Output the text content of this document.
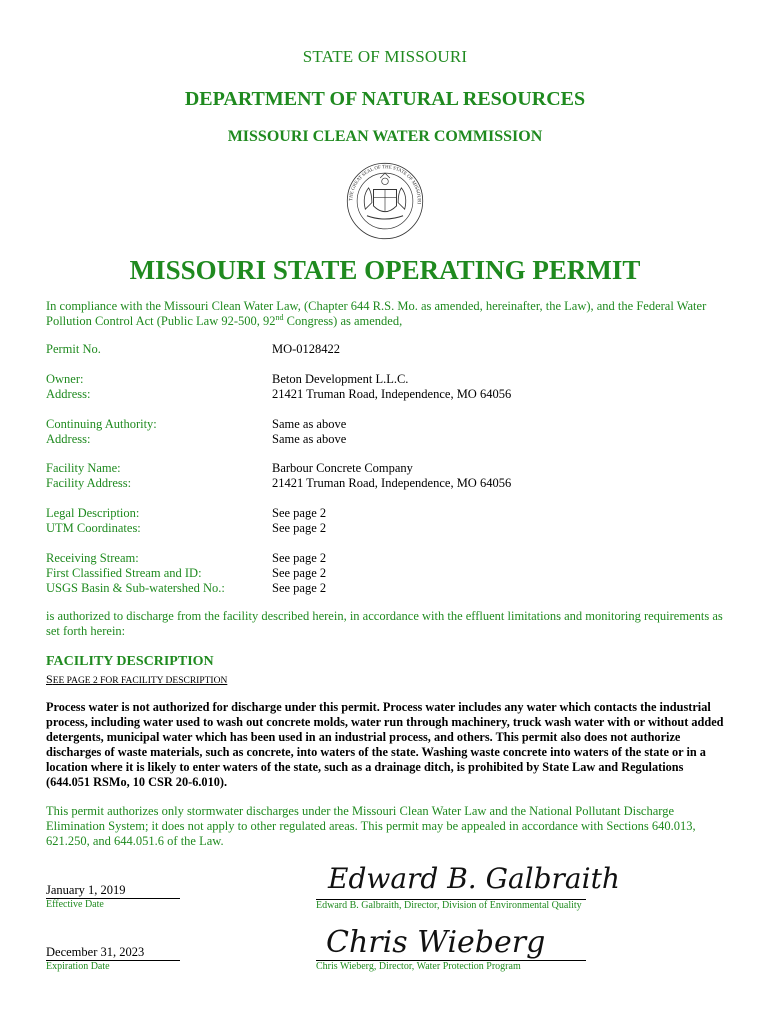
STATE OF MISSOURI
DEPARTMENT OF NATURAL RESOURCES
MISSOURI CLEAN WATER COMMISSION
THE GREAT SEAL OF THE STATE OF MISSOURI
MISSOURI STATE OPERATING PERMIT
In compliance with the Missouri Clean Water Law, (Chapter 644 R.S. Mo. as amended, hereinafter, the Law), and the Federal Water Pollution Control Act (Public Law 92-500, 92nd Congress) as amended,
Permit No.	MO-0128422
Owner:	Beton Development L.L.C.
Address:	21421 Truman Road, Independence, MO 64056
Continuing Authority:	Same as above
Address:	Same as above
Facility Name:	Barbour Concrete Company
Facility Address:	21421 Truman Road, Independence, MO 64056
Legal Description:	See page 2
UTM Coordinates:	See page 2
Receiving Stream:	See page 2
First Classified Stream and ID:	See page 2
USGS Basin & Sub-watershed No.:	See page 2
is authorized to discharge from the facility described herein, in accordance with the effluent limitations and monitoring requirements as set forth herein:
FACILITY DESCRIPTION
SEE PAGE 2 FOR FACILITY DESCRIPTION
Process water is not authorized for discharge under this permit. Process water includes any water which contacts the industrial process, including water used to wash out concrete molds, water run through machinery, truck wash water with or without added detergents, municipal water which has been used in an industrial process, and others. This permit also does not authorize discharges of waste materials, such as concrete, into waters of the state. Washing waste concrete into waters of the state or in a location where it is likely to enter waters of the state, such as a drainage ditch, is prohibited by State Law and Regulations (644.051 RSMo, 10 CSR 20-6.010).
This permit authorizes only stormwater discharges under the Missouri Clean Water Law and the National Pollutant Discharge Elimination System; it does not apply to other regulated areas. This permit may be appealed in accordance with Sections 640.013, 621.250, and 644.051.6 of the Law.
January 1, 2019
Effective Date
Edward B. Galbraith
Edward B. Galbraith, Director, Division of Environmental Quality
December 31, 2023
Expiration Date
Chris Wieberg
Chris Wieberg, Director, Water Protection Program
